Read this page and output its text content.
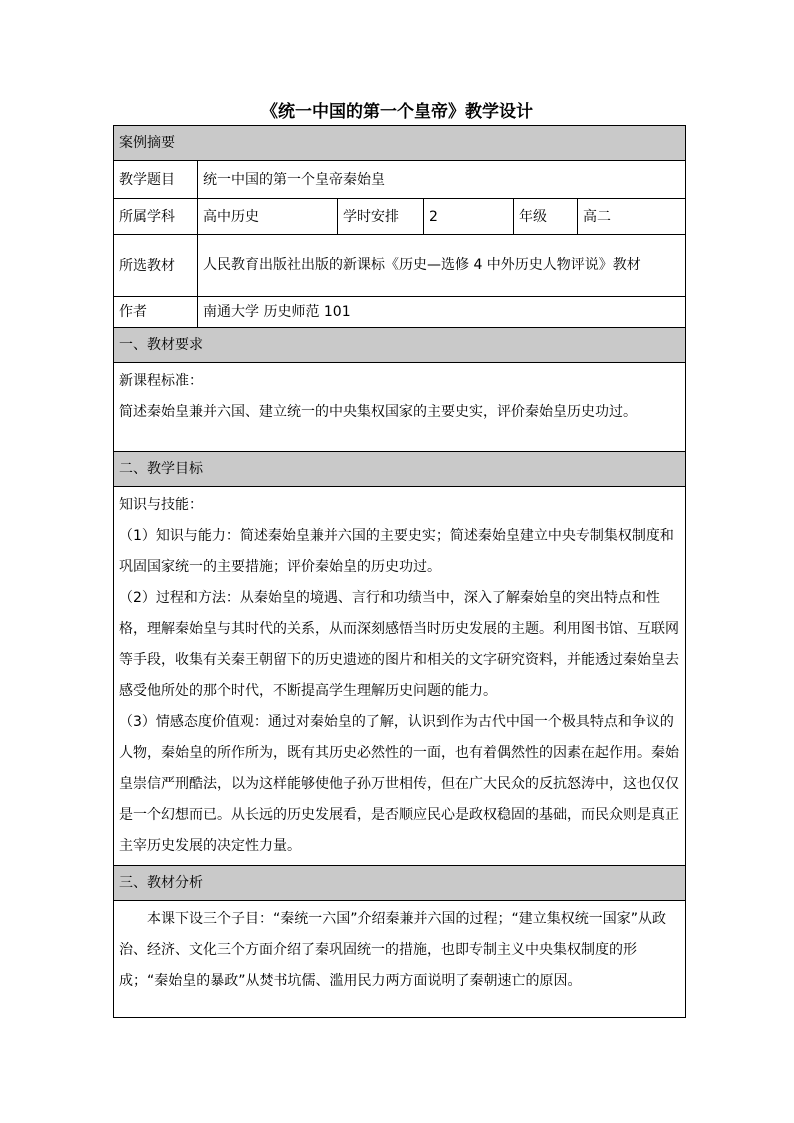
《统一中国的第一个皇帝》教学设计
案例摘要					
教学题目	统一中国的第一个皇帝秦始皇				
所属学科	高中历史	学时安排	2	年级	高二
所选教材	人民教育出版社出版的新课标《历史—选修 4 中外历史人物评说》教材				
作者	南通大学 历史师范 101				
一、教材要求					

新课程标准：

简述秦始皇兼并六国、建立统一的中央集权国家的主要史实，评价秦始皇历史功过。					

二、教学目标					

知识与技能：

（1）知识与能力：简述秦始皇兼并六国的主要史实；简述秦始皇建立中央专制集权制度和巩固国家统一的主要措施；评价秦始皇的历史功过。

（2）过程和方法：从秦始皇的境遇、言行和功绩当中，深入了解秦始皇的突出特点和性格，理解秦始皇与其时代的关系，从而深刻感悟当时历史发展的主题。利用图书馆、互联网等手段，收集有关秦王朝留下的历史遗迹的图片和相关的文字研究资料，并能透过秦始皇去感受他所处的那个时代，不断提高学生理解历史问题的能力。

（3）情感态度价值观：通过对秦始皇的了解，认识到作为古代中国一个极具特点和争议的人物，秦始皇的所作所为，既有其历史必然性的一面，也有着偶然性的因素在起作用。秦始皇崇信严刑酷法，以为这样能够使他子孙万世相传，但在广大民众的反抗怒涛中，这也仅仅是一个幻想而已。从长远的历史发展看，是否顺应民心是政权稳固的基础，而民众则是真正主宰历史发展的决定性力量。					

三、教材分析					

本课下设三个子目：“秦统一六国”介绍秦兼并六国的过程；“建立集权统一国家”从政治、经济、文化三个方面介绍了秦巩固统一的措施，也即专制主义中央集权制度的形成；“秦始皇的暴政”从焚书坑儒、滥用民力两方面说明了秦朝速亡的原因。					
